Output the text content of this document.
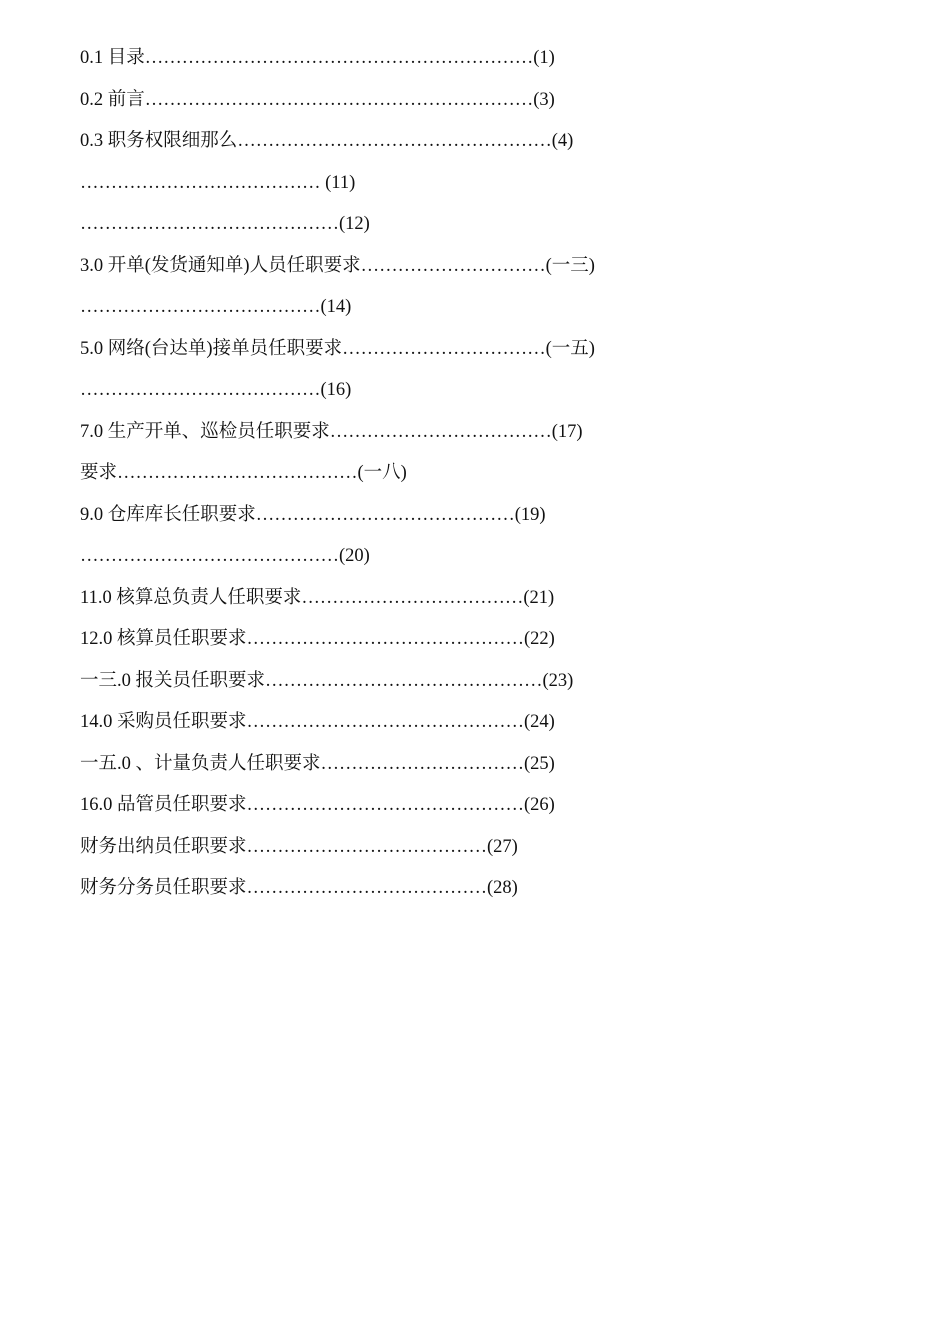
0.1 目录………………………………………………………(1)
0.2 前言………………………………………………………(3)
0.3 职务权限细那么……………………………………………(4)
………………………………… (11)
……………………………………(12)
3.0 开单(发货通知单)人员任职要求…………………………(一三)
…………………………………(14)
5.0 网络(台达单)接单员任职要求……………………………(一五)
…………………………………(16)
7.0 生产开单、巡检员任职要求………………………………(17)
要求…………………………………(一八)
9.0 仓库库长任职要求……………………………………(19)
……………………………………(20)
11.0 核算总负责人任职要求………………………………(21)
12.0 核算员任职要求………………………………………(22)
一三.0 报关员任职要求………………………………………(23)
14.0 采购员任职要求………………………………………(24)
一五.0 、计量负责人任职要求……………………………(25)
16.0 品管员任职要求………………………………………(26)
财务出纳员任职要求…………………………………(27)
财务分务员任职要求…………………………………(28)
